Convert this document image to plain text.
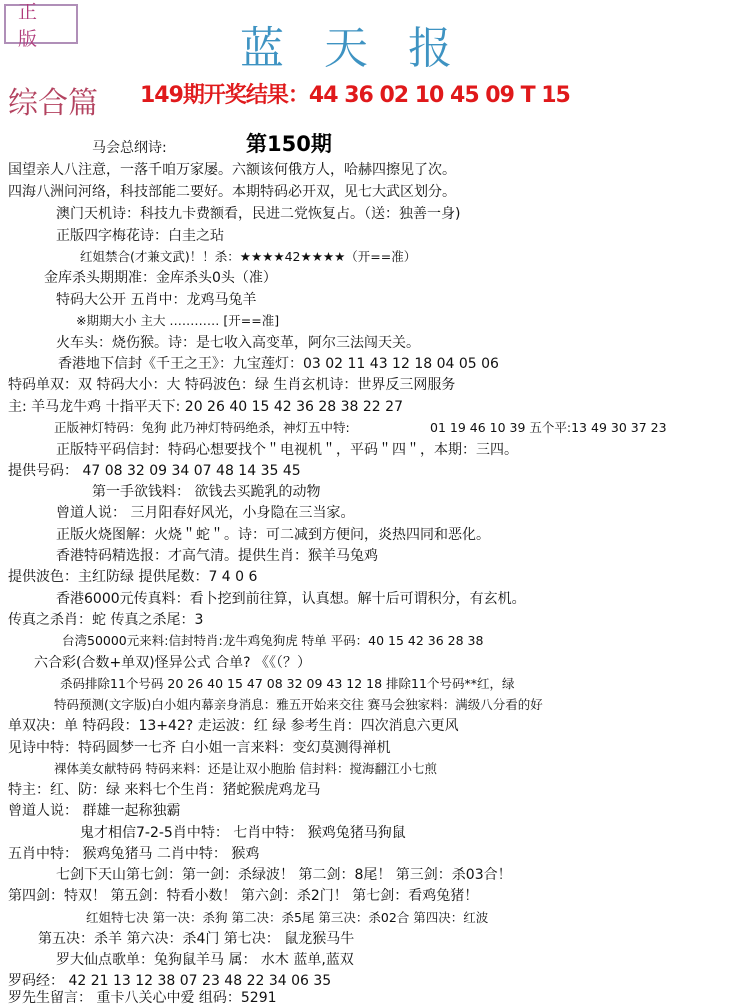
正 版	蓝天报
综合篇 149期开奖结果：44 36 02 10 45 09 T 15
第150期
马会总纲诗:
国望亲人八注意，一落千咱万家屡。六额该何俄方人，哈赫四擦见了次。
四海八洲问河络，科技部能二要好。本期特码必开双，见七大武区划分。
澳门天机诗：科技九卡费额看，民进二党恢复占。（送：独善一身)
正版四字梅花诗：白圭之玷
红姐禁合(才兼文武)！！杀：★★★★42★★★★（开==准）
金库杀头期期准：金库杀头0头（准）
特码大公开 五肖中：龙鸡马兔羊
※期期大小 主大 ………… [开==准]
火车头：烧伤猴。诗：是七收入高变革，阿尔三法闯天关。
香港地下信封《千王之王》：九宝莲灯：03 02 11 43 12 18 04 05 06
特码单双：双 特码大小：大 特码波色：绿 生肖玄机诗：世界反三网服务
主: 羊马龙牛鸡 十指平天下: 20 26 40 15 42 36 28 38 22 27
正版神灯特码：兔狗 此乃神灯特码绝杀，神灯五中特:	01 19 46 10 39 五个平:13 49 30 37 23
正版特平码信封：特码心想要找个＂电视机＂，平码＂四＂，本期：三四。
提供号码： 47 08 32 09 34 07 48 14 35 45
第一手欲钱料： 欲钱去买跪乳的动物
曾道人说： 三月阳春好风光，小身隐在三当家。
正版火烧图解：火烧＂蛇＂。诗：可二减到方便问，炎热四同和恶化。
香港特码精选报：才高气清。提供生肖：猴羊马兔鸡
提供波色：主红防绿 提供尾数：7 4 0 6
香港6000元传真料：看卜挖到前往算，认真想。解十后可谓积分，有玄机。
传真之杀肖：蛇 传真之杀尾：3
台湾50000元来料:信封特肖:龙牛鸡兔狗虎 特单 平码：40 15 42 36 28 38
六合彩(合数+单双)怪异公式 合单? 《《（？）
杀码排除11个号码 20 26 40 15 47 08 32 09 43 12 18 排除11个号码**红，绿
特码预测(文字版)白小姐内幕亲身消息：雅五开始来交往 赛马会独家料：满级八分看的好
单双决：单 特码段：13+42? 走运波：红 绿 参考生肖：四次消息六更风
见诗中特：特码圆梦一七齐 白小姐一言来料：变幻莫测得禅机
裸体美女献特码 特码来料：还是让双小胞胎 信封料：搅海翻江小七煎
特主：红、防：绿 来料七个生肖：猪蛇猴虎鸡龙马
曾道人说： 群雄一起称独霸
鬼才相信7-2-5肖中特： 七肖中特： 猴鸡兔猪马狗鼠
五肖中特： 猴鸡兔猪马 二肖中特： 猴鸡
七剑下天山第七剑：第一剑：杀绿波！ 第二剑：8尾！ 第三剑：杀03合！
第四剑：特双！ 第五剑：特看小数！ 第六剑：杀2门！ 第七剑：看鸡兔猪！
红姐特七决 第一决：杀狗 第二决：杀5尾 第三决：杀02合 第四决：红波
第五决：杀羊 第六决：杀4门 第七决： 鼠龙猴马牛
罗大仙点歌单：兔狗鼠羊马 属： 水木 蓝单,蓝双
罗码经： 42 21 13 12 38 07 23 48 22 34 06 35
罗先生留言： 重卡八关心中爱 组码：5291
